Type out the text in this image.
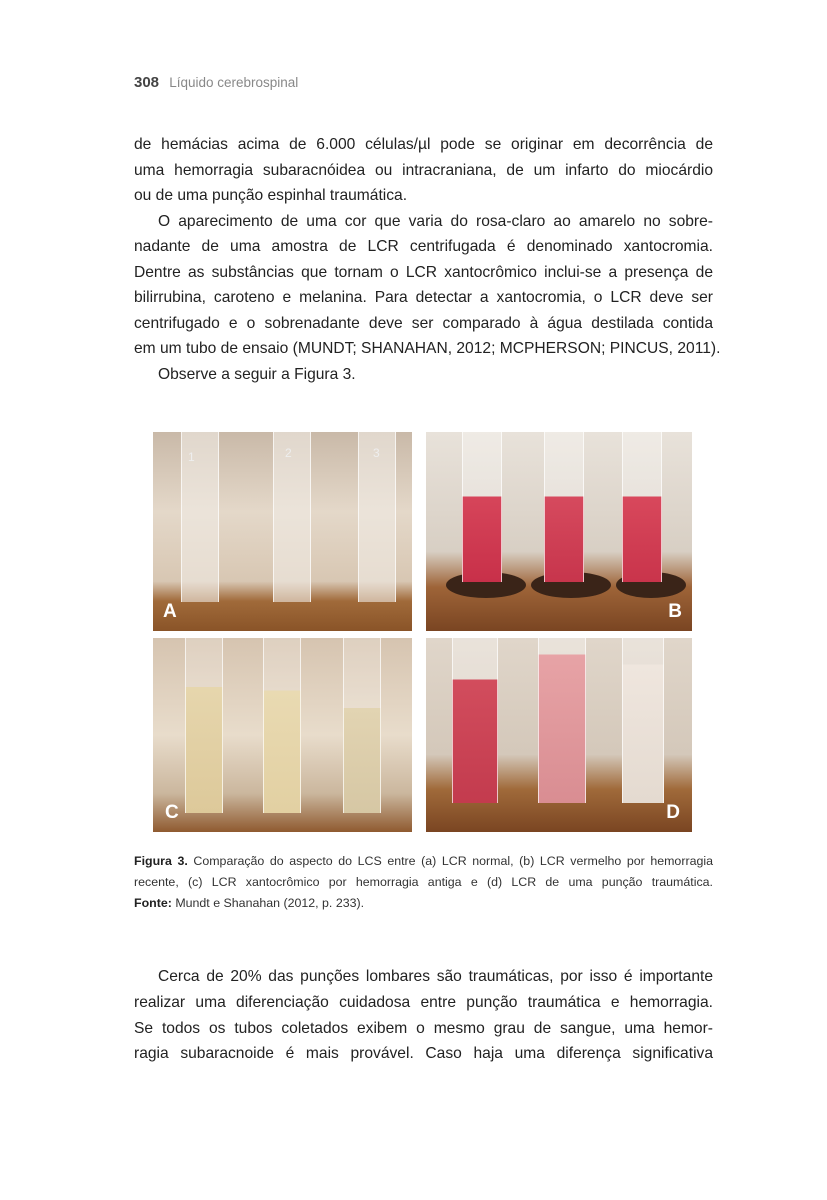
308 Líquido cerebrospinal
de hemácias acima de 6.000 células/µl pode se originar em decorrência de
uma hemorragia subaracnóidea ou intracraniana, de um infarto do miocárdio
ou de uma punção espinhal traumática.
O aparecimento de uma cor que varia do rosa-claro ao amarelo no sobre-
nadante de uma amostra de LCR centrifugada é denominado xantocromia.
Dentre as substâncias que tornam o LCR xantocrômico inclui-se a presença de
bilirrubina, caroteno e melanina. Para detectar a xantocromia, o LCR deve ser
centrifugado e o sobrenadante deve ser comparado à água destilada contida
em um tubo de ensaio (MUNDT; SHANAHAN, 2012; MCPHERSON; PINCUS, 2011).
Observe a seguir a Figura 3.
1	2	3
A	B
C	D
Figura 3. Comparação do aspecto do LCS entre (a) LCR normal, (b) LCR vermelho por hemorragia
recente, (c) LCR xantocrômico por hemorragia antiga e (d) LCR de uma punção traumática.
Fonte: Mundt e Shanahan (2012, p. 233).
Cerca de 20% das punções lombares são traumáticas, por isso é importante
realizar uma diferenciação cuidadosa entre punção traumática e hemorragia.
Se todos os tubos coletados exibem o mesmo grau de sangue, uma hemor-
ragia subaracnoide é mais provável. Caso haja uma diferença significativa
